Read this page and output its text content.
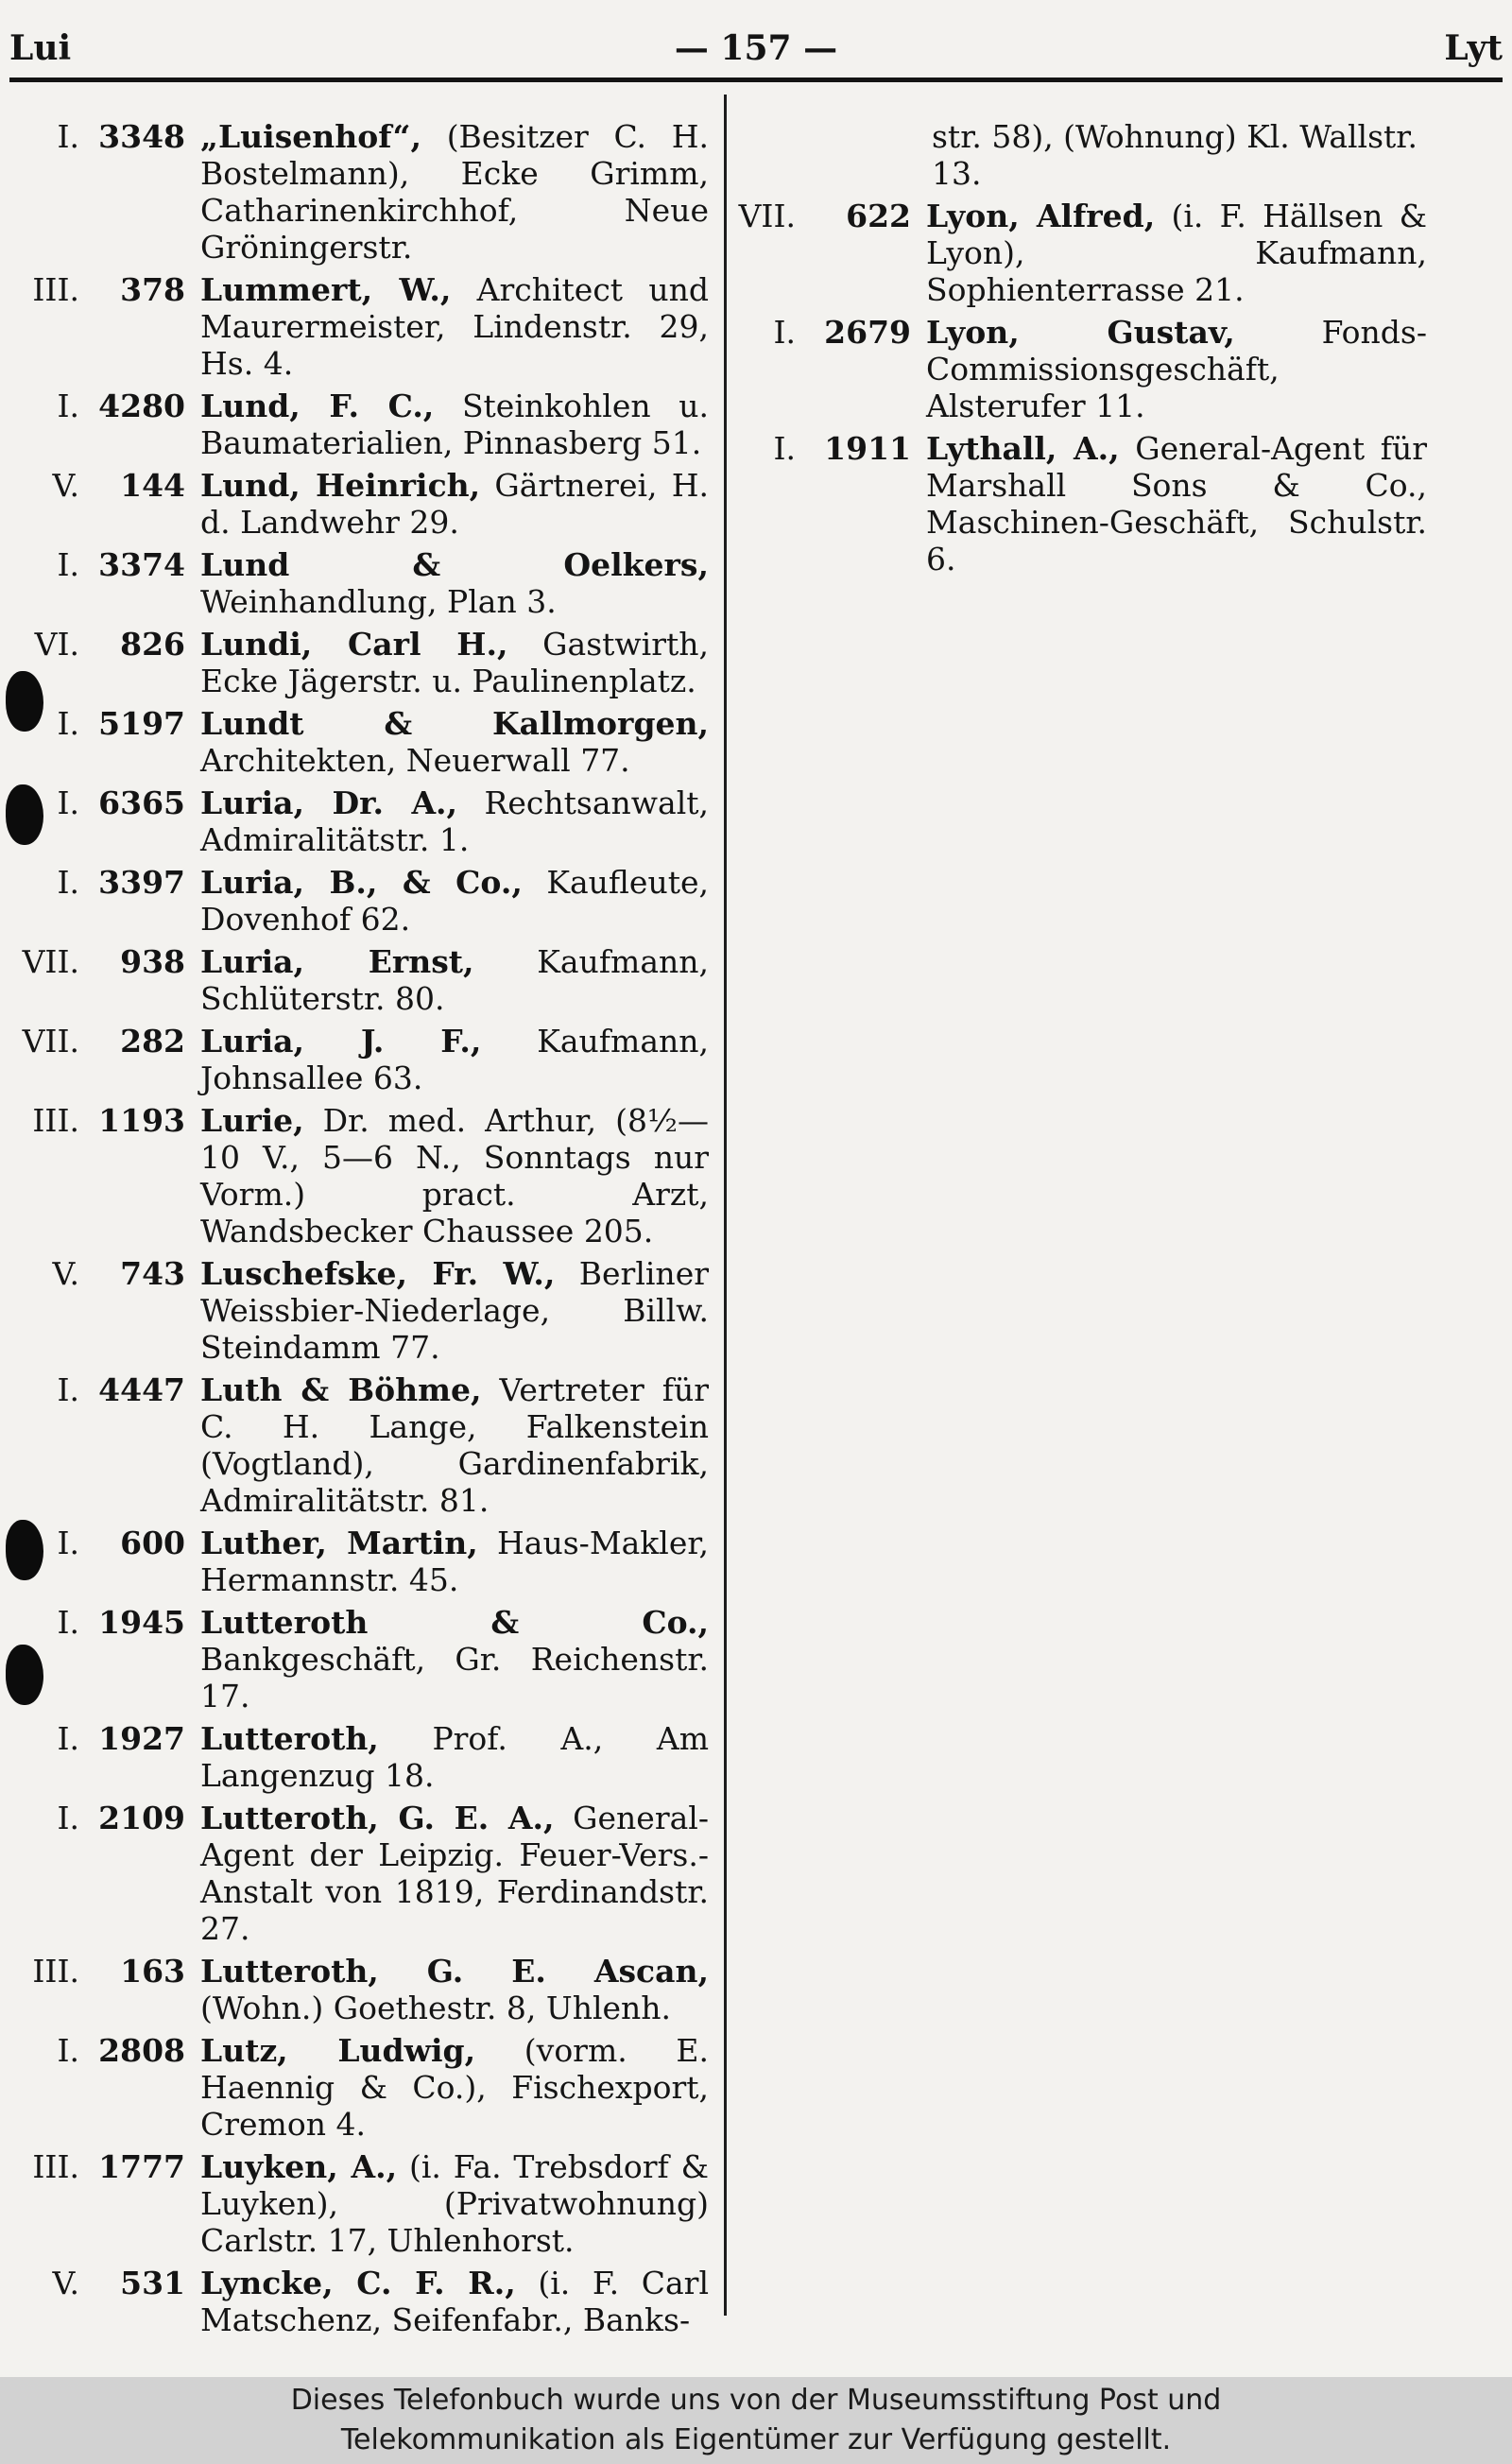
Lui	— 157 —	Lyt
I. 3348 „Luisenhof“, (Besitzer C. H. Bostelmann), Ecke Grimm, Catharinenkirchhof, Neue Gröningerstr.
III.	378 Lummert, W., Architect und Maurermeister, Lindenstr. 29, Hs. 4.
I. 4280 Lund, F. C., Steinkohlen u. Baumaterialien, Pinnasberg 51.
V.	144 Lund, Heinrich, Gärtnerei, H. d. Landwehr 29.
I. 3374 Lund & Oelkers, Weinhandlung, Plan 3.
VI.	826 Lundi, Carl H., Gastwirth, Ecke Jägerstr. u. Paulinenplatz.
I. 5197 Lundt & Kallmorgen, Architekten, Neuerwall 77.
I. 6365 Luria, Dr. A., Rechtsanwalt, Admiralitätstr. 1.
I. 3397 Luria, B., & Co., Kaufleute, Dovenhof 62.
VII.	938 Luria, Ernst, Kaufmann, Schlüterstr. 80.
VII.	282 Luria, J. F., Kaufmann, Johnsallee 63.
III. 1193 Lurie, Dr. med. Arthur, (8½—10 V., 5—6 N., Sonntags nur Vorm.) pract. Arzt, Wandsbecker Chaussee 205.
V.	743 Luschefske, Fr. W., Berliner Weissbier-Niederlage, Billw. Steindamm 77.
I. 4447 Luth & Böhme, Vertreter für C. H. Lange, Falkenstein (Vogtland), Gardinenfabrik, Admiralitätstr. 81.
I.	600 Luther, Martin, Haus-Makler, Hermannstr. 45.
I. 1945 Lutteroth & Co., Bankgeschäft, Gr. Reichenstr. 17.
I. 1927 Lutteroth, Prof. A., Am Langenzug 18.
I. 2109 Lutteroth, G. E. A., General-Agent der Leipzig. Feuer-Vers.-Anstalt von 1819, Ferdinandstr. 27.
III.	163 Lutteroth, G. E. Ascan, (Wohn.) Goethestr. 8, Uhlenh.
I. 2808 Lutz, Ludwig, (vorm. E. Haennig & Co.), Fischexport, Cremon 4.
III. 1777 Luyken, A., (i. Fa. Trebsdorf & Luyken), (Privatwohnung) Carlstr. 17, Uhlenhorst.
V.	531 Lyncke, C. F. R., (i. F. Carl Matschenz, Seifenfabr., Banks-
str. 58), (Wohnung) Kl. Wallstr. 13.
VII.	622 Lyon, Alfred, (i. F. Hällsen & Lyon), Kaufmann, Sophienterrasse 21.
I. 2679 Lyon, Gustav, Fonds-Commissionsgeschäft, Alsterufer 11.
I. 1911 Lythall, A., General-Agent für Marshall Sons & Co., Maschinen-Geschäft, Schulstr. 6.
Dieses Telefonbuch wurde uns von der Museumsstiftung Post und
Telekommunikation als Eigentümer zur Verfügung gestellt.
